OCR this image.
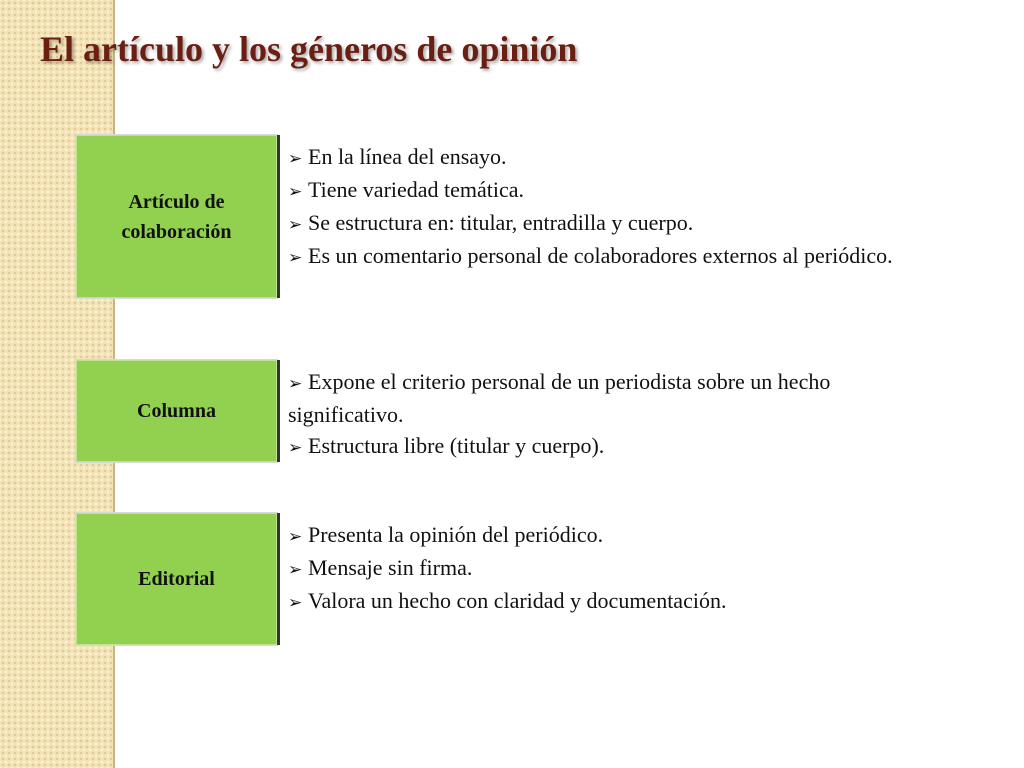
El artículo y los géneros de opinión
Artículo de colaboración
➢ En la línea del ensayo.
➢ Tiene variedad temática.
➢ Se estructura en: titular, entradilla y cuerpo.
➢ Es un comentario personal de colaboradores externos al periódico.
Columna
➢ Expone el criterio personal de un periodista sobre un hecho significativo.
➢ Estructura libre (titular y cuerpo).
Editorial
➢ Presenta la opinión del periódico.
➢ Mensaje sin firma.
➢ Valora un hecho con claridad y documentación.
